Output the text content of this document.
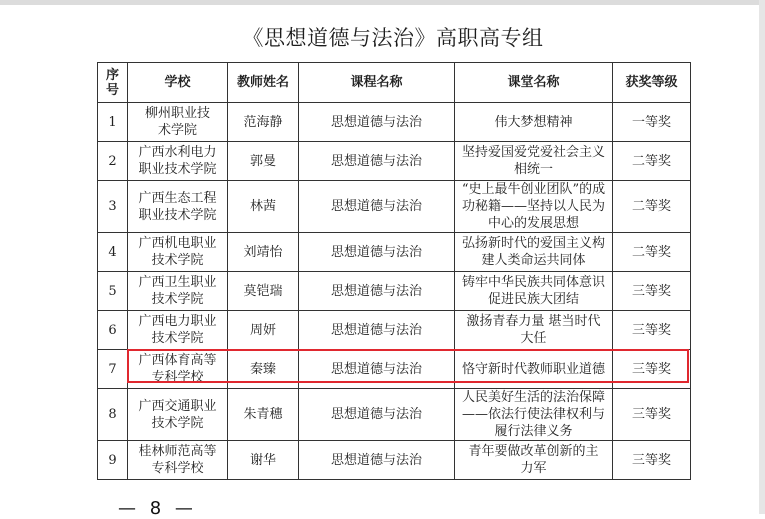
《思想道德与法治》高职高专组
序号	学校	教师姓名	课程名称	课堂名称	获奖等级
1	柳州职业技术学院	范海静	思想道德与法治	伟大梦想精神	一等奖
2	广西水利电力职业技术学院	郭曼	思想道德与法治	坚持爱国爱党爱社会主义相统一	二等奖
3	广西生态工程职业技术学院	林茜	思想道德与法治	“史上最牛创业团队”的成功秘籍——坚持以人民为中心的发展思想	二等奖
4	广西机电职业技术学院	刘靖怡	思想道德与法治	弘扬新时代的爱国主义构建人类命运共同体	二等奖
5	广西卫生职业技术学院	莫铠瑞	思想道德与法治	铸牢中华民族共同体意识促进民族大团结	三等奖
6	广西电力职业技术学院	周妍	思想道德与法治	激扬青春力量 堪当时代大任	三等奖
7	广西体育高等专科学校	秦臻	思想道德与法治	恪守新时代教师职业道德	三等奖
8	广西交通职业技术学院	朱青穗	思想道德与法治	人民美好生活的法治保障——依法行使法律权利与履行法律义务	三等奖
9	桂林师范高等专科学校	谢华	思想道德与法治	青年要做改革创新的主力军	三等奖
— 8 —
